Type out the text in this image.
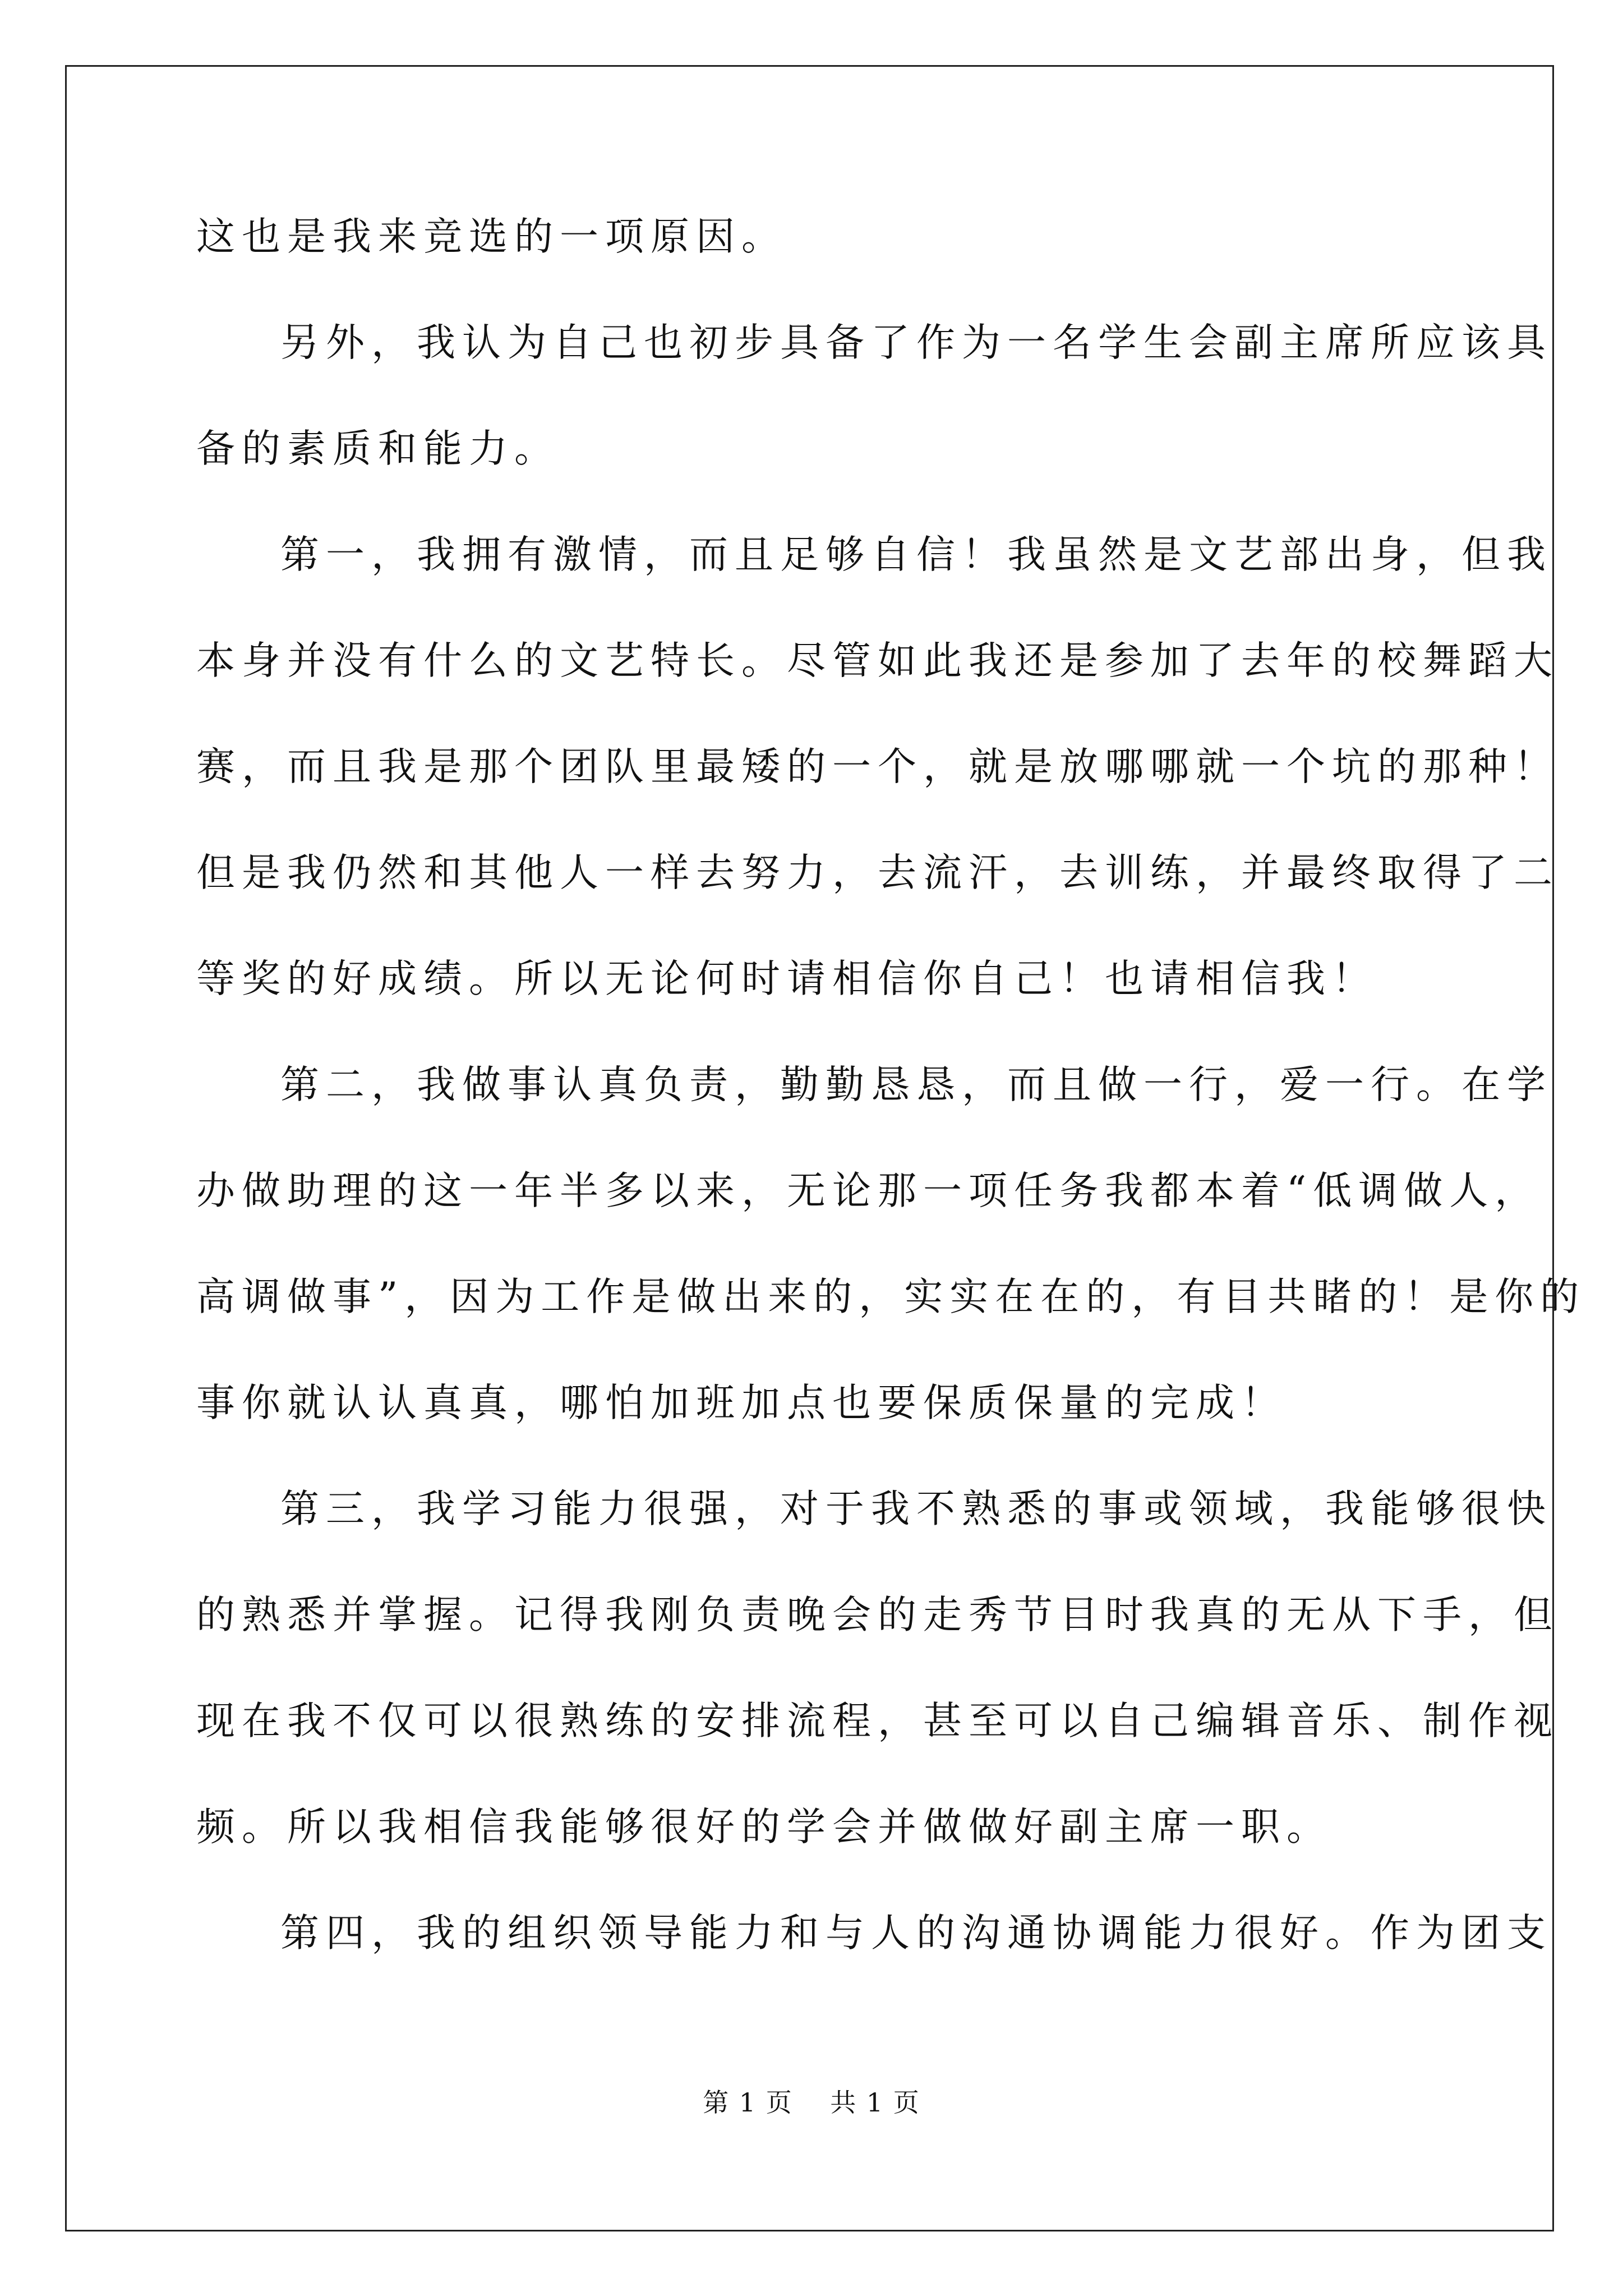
这也是我来竞选的一项原因。
另外，我认为自己也初步具备了作为一名学生会副主席所应该具
备的素质和能力。
第一，我拥有激情，而且足够自信！我虽然是文艺部出身，但我
本身并没有什么的文艺特长。尽管如此我还是参加了去年的校舞蹈大
赛，而且我是那个团队里最矮的一个，就是放哪哪就一个坑的那种！
但是我仍然和其他人一样去努力，去流汗，去训练，并最终取得了二
等奖的好成绩。所以无论何时请相信你自己！也请相信我！
第二，我做事认真负责，勤勤恳恳，而且做一行，爱一行。在学
办做助理的这一年半多以来，无论那一项任务我都本着“低调做人，
高调做事”，因为工作是做出来的，实实在在的，有目共睹的！是你的
事你就认认真真，哪怕加班加点也要保质保量的完成！
第三，我学习能力很强，对于我不熟悉的事或领域，我能够很快
的熟悉并掌握。记得我刚负责晚会的走秀节目时我真的无从下手，但
现在我不仅可以很熟练的安排流程，甚至可以自己编辑音乐、制作视
频。所以我相信我能够很好的学会并做做好副主席一职。
第四，我的组织领导能力和与人的沟通协调能力很好。作为团支
第 1 页    共 1 页
